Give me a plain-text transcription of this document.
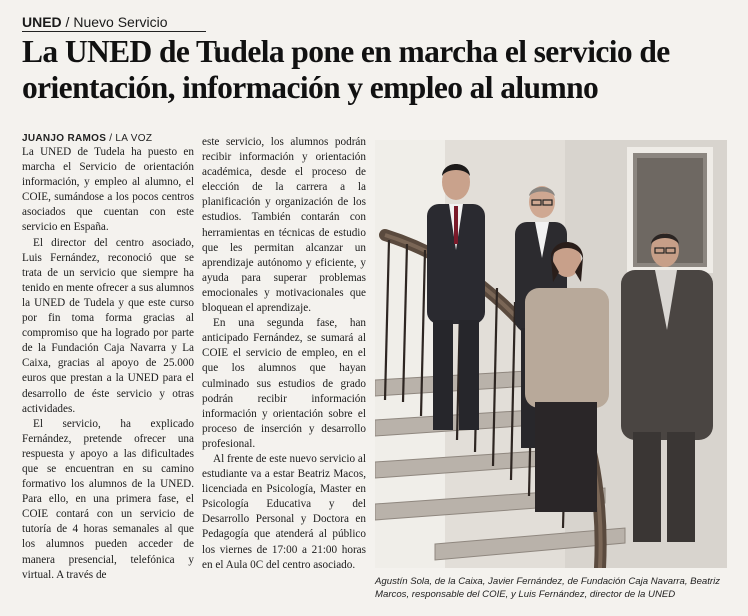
UNED / Nuevo Servicio
La UNED de Tudela pone en marcha el servicio de orientación, información y empleo al alumno
JUANJO RAMOS / LA VOZ

La UNED de Tudela ha puesto en marcha el Servicio de orientación información, y empleo al alumno, el COIE, sumándose a los pocos centros asociados que cuentan con este servicio en España.

El director del centro asociado, Luis Fernández, reconoció que se trata de un servicio que siempre ha tenido en mente ofrecer a sus alumnos la UNED de Tudela y que este curso por fin toma forma gracias al compromiso que ha logrado por parte de la Fundación Caja Navarra y La Caixa, gracias al apoyo de 25.000 euros que prestan a la UNED para el desarrollo de éste servicio y otras actividades.

El servicio, ha explicado Fernández, pretende ofrecer una respuesta y apoyo a las dificultades que se encuentran en su camino formativo los alumnos de la UNED. Para ello, en una primera fase, el COIE contará con un servicio de tutoría de 4 horas semanales al que los alumnos pueden acceder de manera presencial, telefónica y virtual. A través de

este servicio, los alumnos podrán recibir información y orientación académica, desde el proceso de elección de la carrera a la planificación y organización de los estudios. También contarán con herramientas en técnicas de estudio que les permitan alcanzar un aprendizaje autónomo y eficiente, y ayuda para superar problemas emocionales y motivacionales que bloquean el aprendizaje.

En una segunda fase, han anticipado Fernández, se sumará al COIE el servicio de empleo, en el que los alumnos que hayan culminado sus estudios de grado podrán recibir información información y orientación sobre el proceso de inserción y desarrollo profesional.

Al frente de este nuevo servicio al estudiante va a estar Beatriz Macos, licenciada en Psicología, Master en Psicología Educativa y del Desarrollo Personal y Doctora en Pedagogía que atenderá al público los viernes de 17:00 a 21:00 horas en el Aula 0C del centro asociado.

Agustín Sola, de la Caixa, Javier Fernández, de Fundación Caja Navarra, Beatriz Marcos, responsable del COIE, y Luis Fernández, director de la UNED
